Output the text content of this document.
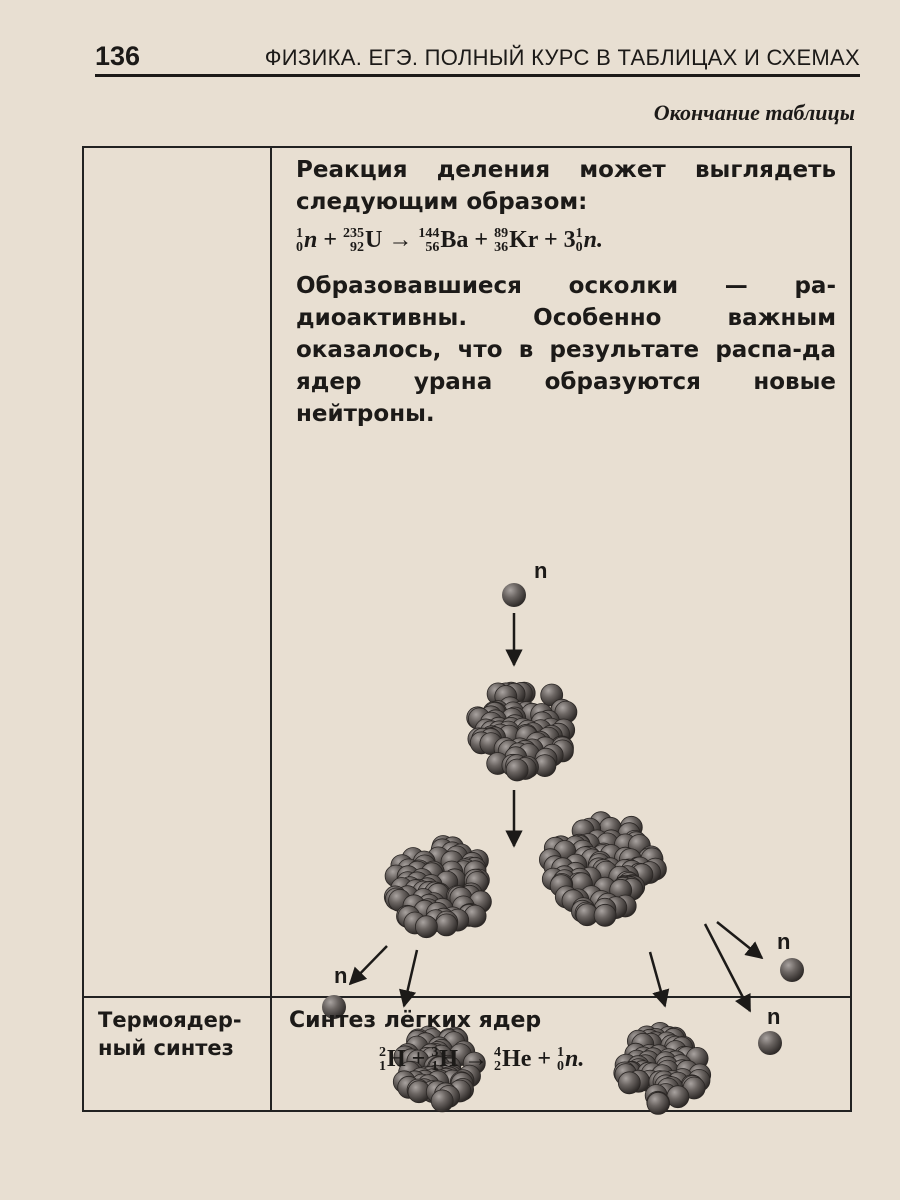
136	ФИЗИКА. ЕГЭ. ПОЛНЫЙ КУРС В ТАБЛИЦАХ И СХЕМАХ
Окончание таблицы
Реакция деления может выглядеть следующим образом:
1
0 n + 235
92 U → 144
56 Ba + 89
36 Kr + 3 1
0 n.
Образовавшиеся осколки — ра-диоактивны. Особенно важным оказалось, что в результате распа-да ядер урана образуются новые нейтроны.
n
n
n
n
Термоядер-ный синтез
Синтез лёгких ядер
2
1 H + 3
1 H → 4
2 He + 1
0 n.
